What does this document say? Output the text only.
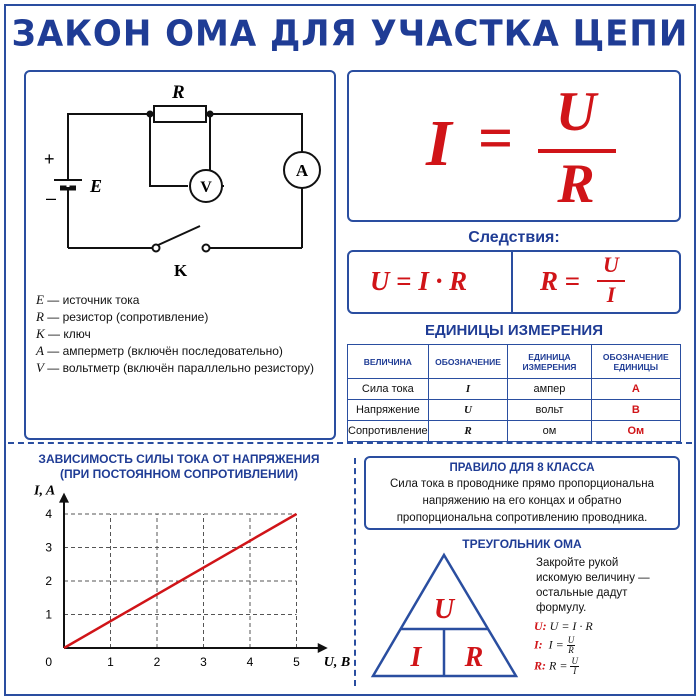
ЗАКОН ОМА ДЛЯ УЧАСТКА ЦЕПИ
+
–
E
R
V
A
K
E — источник тока
R — резистор (сопротивление)
K — ключ
A — амперметр (включён последовательно)
V — вольтметр (включён параллельно резистору)
I = U
R
Следствия:
U = I · R	R =
U
I
ЕДИНИЦЫ ИЗМЕРЕНИЯ
ВЕЛИЧИНА	ОБОЗНАЧЕНИЕ	ЕДИНИЦА ИЗМЕРЕНИЯ	ОБОЗНАЧЕНИЕ ЕДИНИЦЫ
Сила тока	I	ампер	А
Напряжение	U	вольт	В
Сопротивление	R	ом	Ом
ЗАВИСИМОСТЬ СИЛЫ ТОКА ОТ НАПРЯЖЕНИЯ
(ПРИ ПОСТОЯННОМ СОПРОТИВЛЕНИИ)
1	2	3	4	5
1
2
3
4
0	U, В
I, A
ПРАВИЛО ДЛЯ 8 КЛАССА
Сила тока в проводнике прямо пропорциональна
напряжению на его концах и обратно
пропорциональна сопротивлению проводника.
ТРЕУГОЛЬНИК ОМА
U
I R
Закройте рукой
искомую величину —
остальные дадут
формулу.
U: U = I · R
I: $I = \frac{U}{R}$
R: $R = \frac{U}{I}$
